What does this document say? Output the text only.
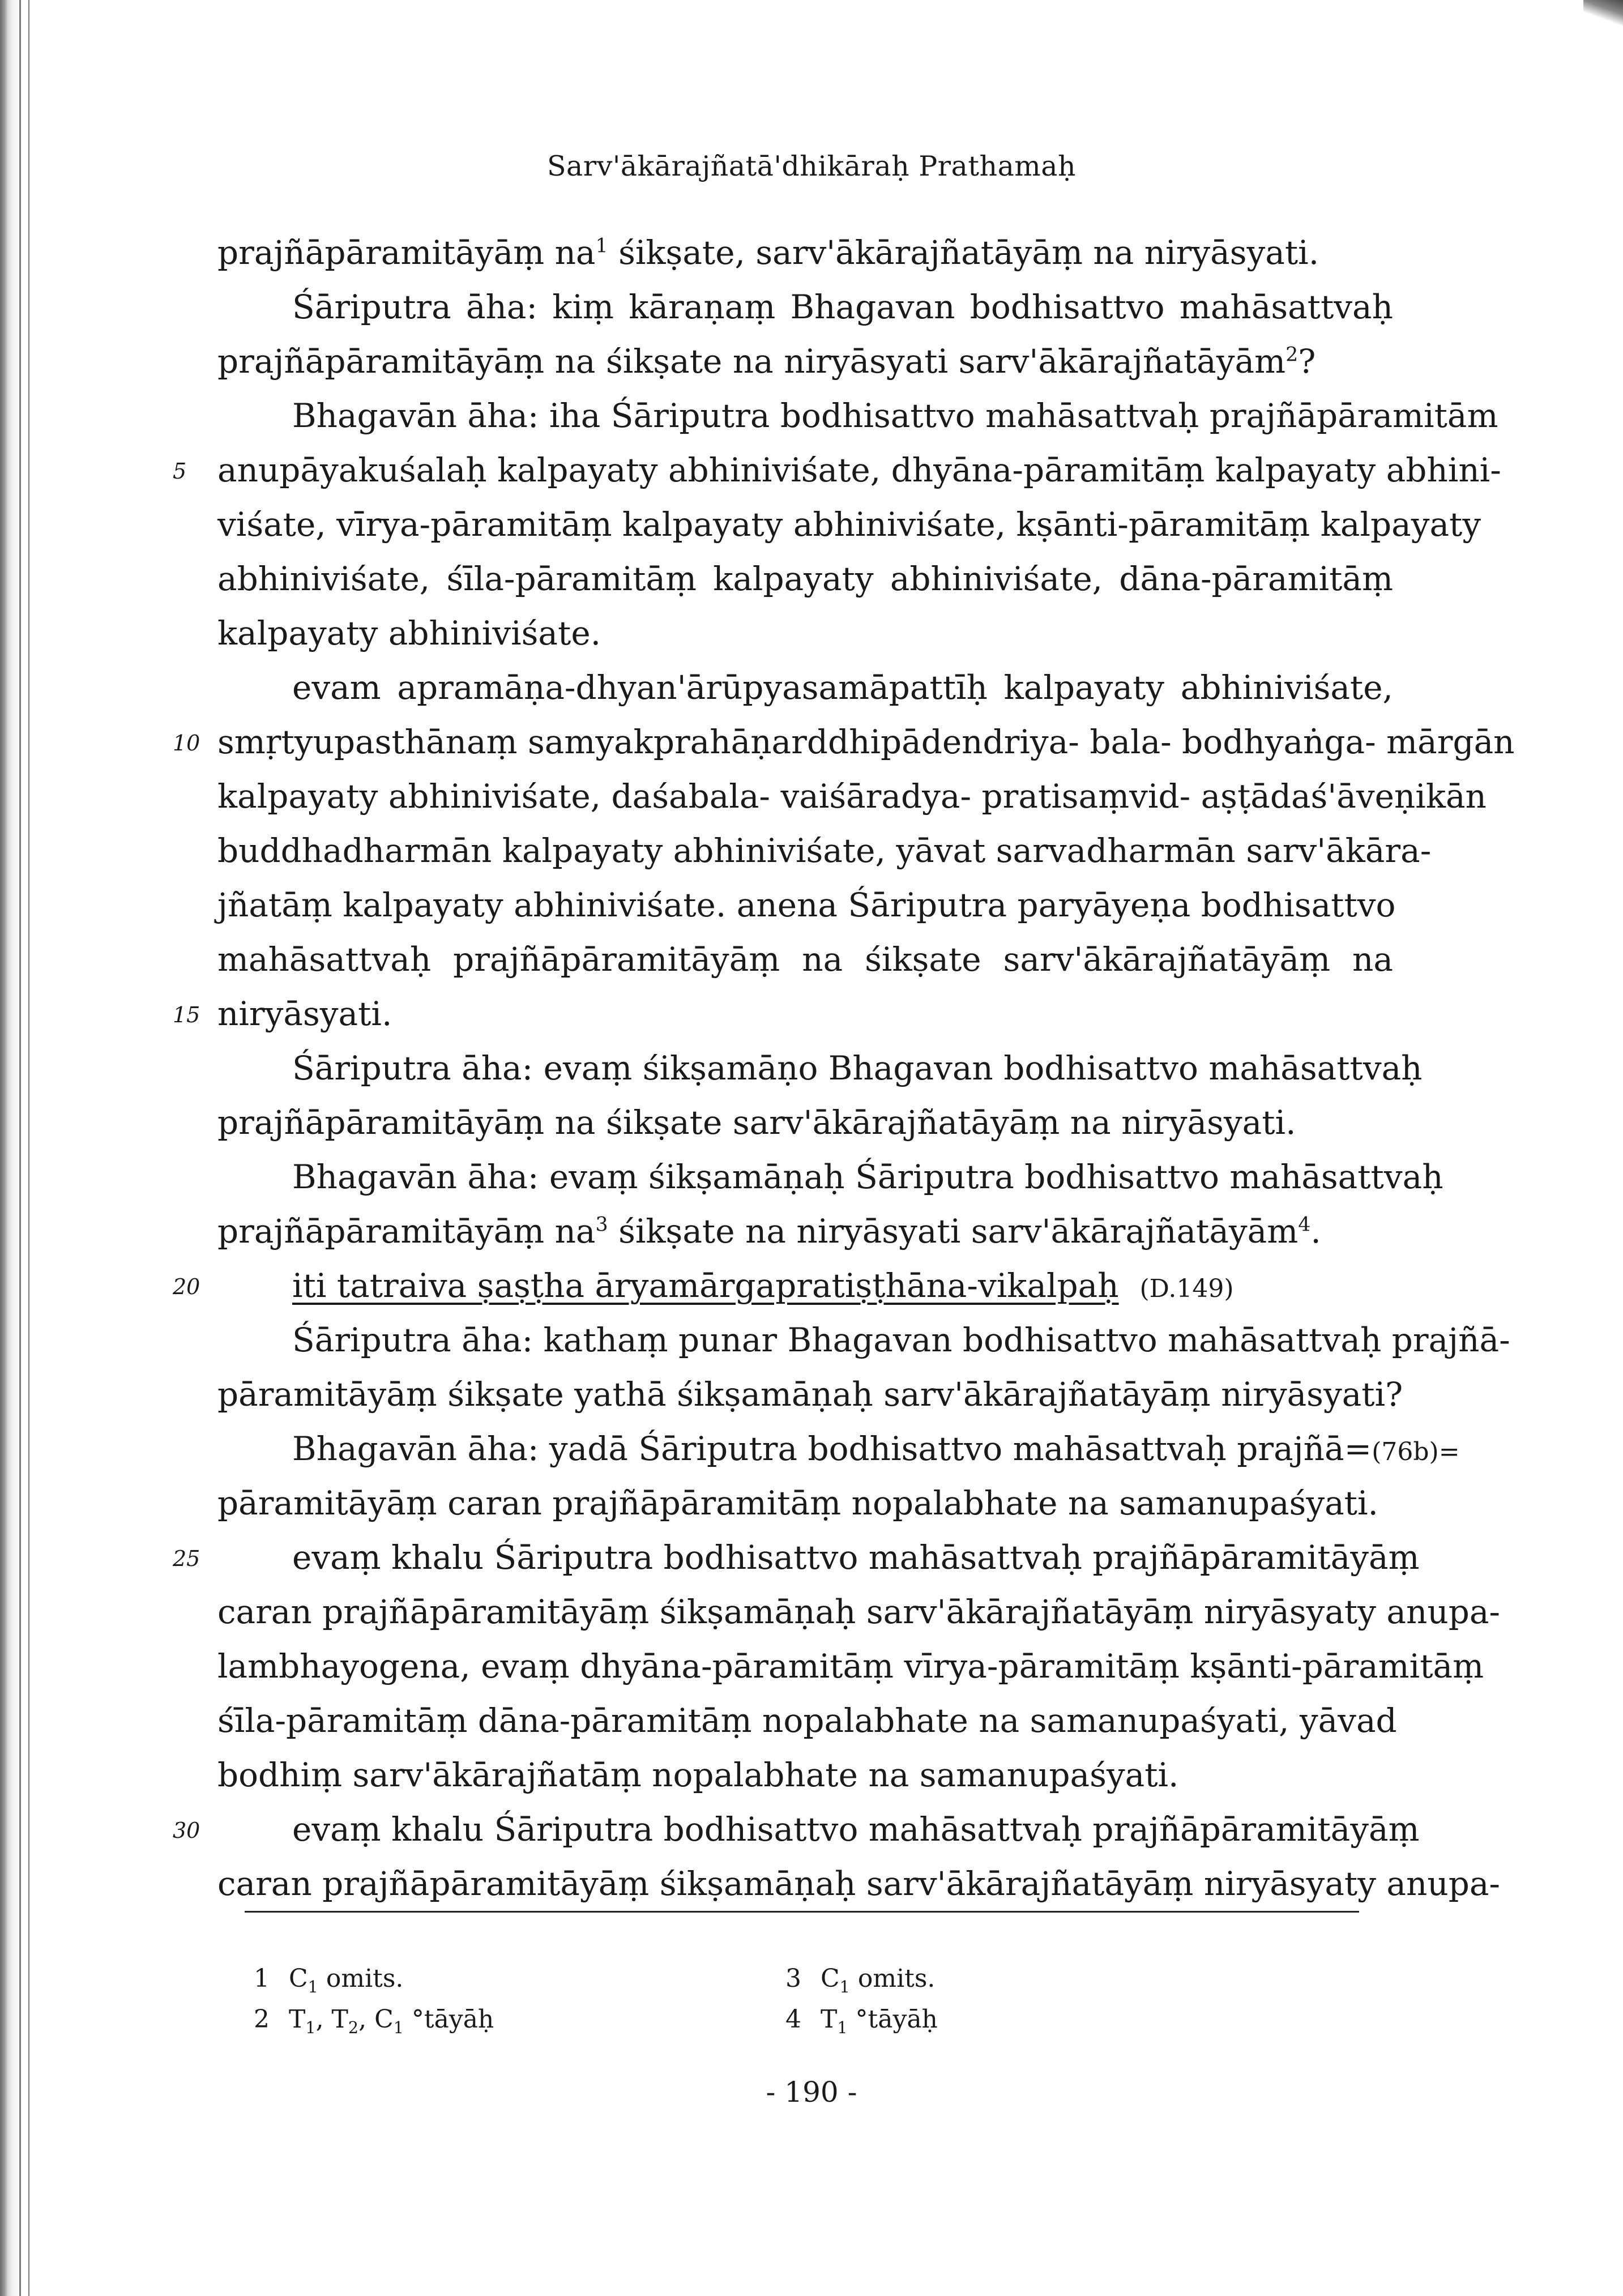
Sarv'ākārajñatā'dhikāraḥ Prathamaḥ
prajñāpāramitāyāṃ $na^1$ śikṣate, sarv'ākārajñatāyāṃ na niryāsyati.
Śāriputra āha: kiṃ kāraṇaṃ Bhagavan bodhisattvo mahāsattvaḥ
prajñāpāramitāyāṃ na śikṣate na niryāsyati sarv'ākārajñatāyām$^2$?
Bhagavān āha: iha Śāriputra bodhisattvo mahāsattvaḥ prajñāpāramitām
5 anupāyakuśalaḥ kalpayaty abhiniviśate, dhyāna-pāramitāṃ kalpayaty abhini-
viśate, vīrya-pāramitāṃ kalpayaty abhiniviśate, kṣānti-pāramitāṃ kalpayaty
abhiniviśate, śīla-pāramitāṃ kalpayaty abhiniviśate, dāna-pāramitāṃ
kalpayaty abhiniviśate.
evam apramāṇa-dhyan'ārūpyasamāpattīḥ kalpayaty abhiniviśate,
10 smṛtyupasthānaṃ samyakprahāṇarddhipādendriya- bala- bodhyaṅga- mārgān
kalpayaty abhiniviśate, daśabala- vaiśāradya- pratisaṃvid- aṣṭādaś'āveṇikān
buddhadharmān kalpayaty abhiniviśate, yāvat sarvadharmān sarv'ākāra-
jñatāṃ kalpayaty abhiniviśate. anena Śāriputra paryāyeṇa bodhisattvo
mahāsattvaḥ prajñāpāramitāyāṃ na śikṣate sarv'ākārajñatāyāṃ na
15 niryāsyati.
Śāriputra āha: evaṃ śikṣamāṇo Bhagavan bodhisattvo mahāsattvaḥ
prajñāpāramitāyāṃ na śikṣate sarv'ākārajñatāyāṃ na niryāsyati.
Bhagavān āha: evaṃ śikṣamāṇaḥ Śāriputra bodhisattvo mahāsattvaḥ
prajñāpāramitāyāṃ $na^3$ śikṣate na niryāsyati sarv'ākārajñatāyām$^4$.
20	iti tatraiva ṣaṣṭha āryamārgapratiṣṭhāna-vikalpaḥ (D.149)
Śāriputra āha: kathaṃ punar Bhagavan bodhisattvo mahāsattvaḥ prajñā-
pāramitāyāṃ śikṣate yathā śikṣamāṇaḥ sarv'ākārajñatāyāṃ niryāsyati?
Bhagavān āha: yadā Śāriputra bodhisattvo mahāsattvaḥ prajñā=(76b)=
pāramitāyāṃ caran prajñāpāramitāṃ nopalabhate na samanupaśyati.
25	evaṃ khalu Śāriputra bodhisattvo mahāsattvaḥ prajñāpāramitāyāṃ
caran prajñāpāramitāyāṃ śikṣamāṇaḥ sarv'ākārajñatāyāṃ niryāsyaty anupa-
lambhayogena, evaṃ dhyāna-pāramitāṃ vīrya-pāramitāṃ kṣānti-pāramitāṃ
śīla-pāramitāṃ dāna-pāramitāṃ nopalabhate na samanupaśyati, yāvad
bodhiṃ sarv'ākārajñatāṃ nopalabhate na samanupaśyati.
30	evaṃ khalu Śāriputra bodhisattvo mahāsattvaḥ prajñāpāramitāyāṃ
caran prajñāpāramitāyāṃ śikṣamāṇaḥ sarv'ākārajñatāyāṃ niryāsyaty anupa-
1 $C_1$ omits.
2 $T_1$, $T_2$, $C_1$ °tāyāḥ
3 $C_1$ omits.
4 $T_1$ °tāyāḥ
- 190 -
